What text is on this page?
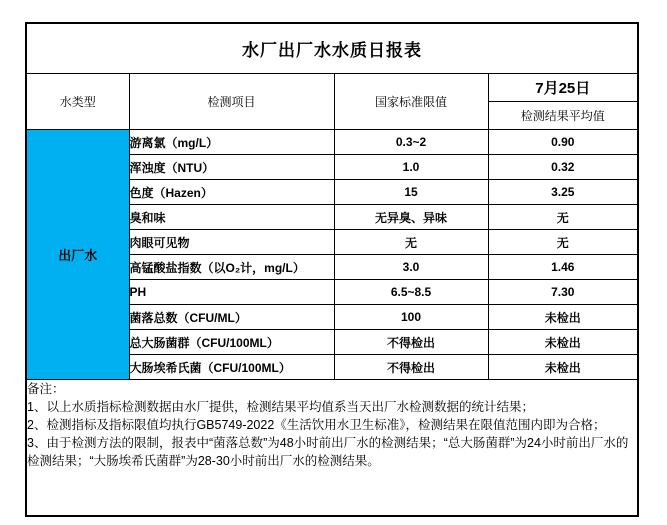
水厂出厂水水质日报表			
水类型	检测项目	国家标准限值	7月25日
			检测结果平均值
出厂水	游离氯（mg/L）	0.3~2	0.90
	浑浊度（NTU）	1.0	0.32
	色度（Hazen）	15	3.25
	臭和味	无异臭、异味	无
	肉眼可见物	无	无
	高锰酸盐指数（以O₂计，mg/L）	3.0	1.46
	PH	6.5~8.5	7.30
	菌落总数（CFU/ML）	100	未检出
	总大肠菌群（CFU/100ML）	不得检出	未检出
	大肠埃希氏菌（CFU/100ML）	不得检出	未检出

备注：
1、以上水质指标检测数据由水厂提供，检测结果平均值系当天出厂水检测数据的统计结果；
2、检测指标及指标限值均执行GB5749-2022《生活饮用水卫生标准》，检测结果在限值范围内即为合格；
3、由于检测方法的限制，报表中“菌落总数”为48小时前出厂水的检测结果；“总大肠菌群”为24小时前出厂水的检测结果；“大肠埃希氏菌群”为28-30小时前出厂水的检测结果。			
